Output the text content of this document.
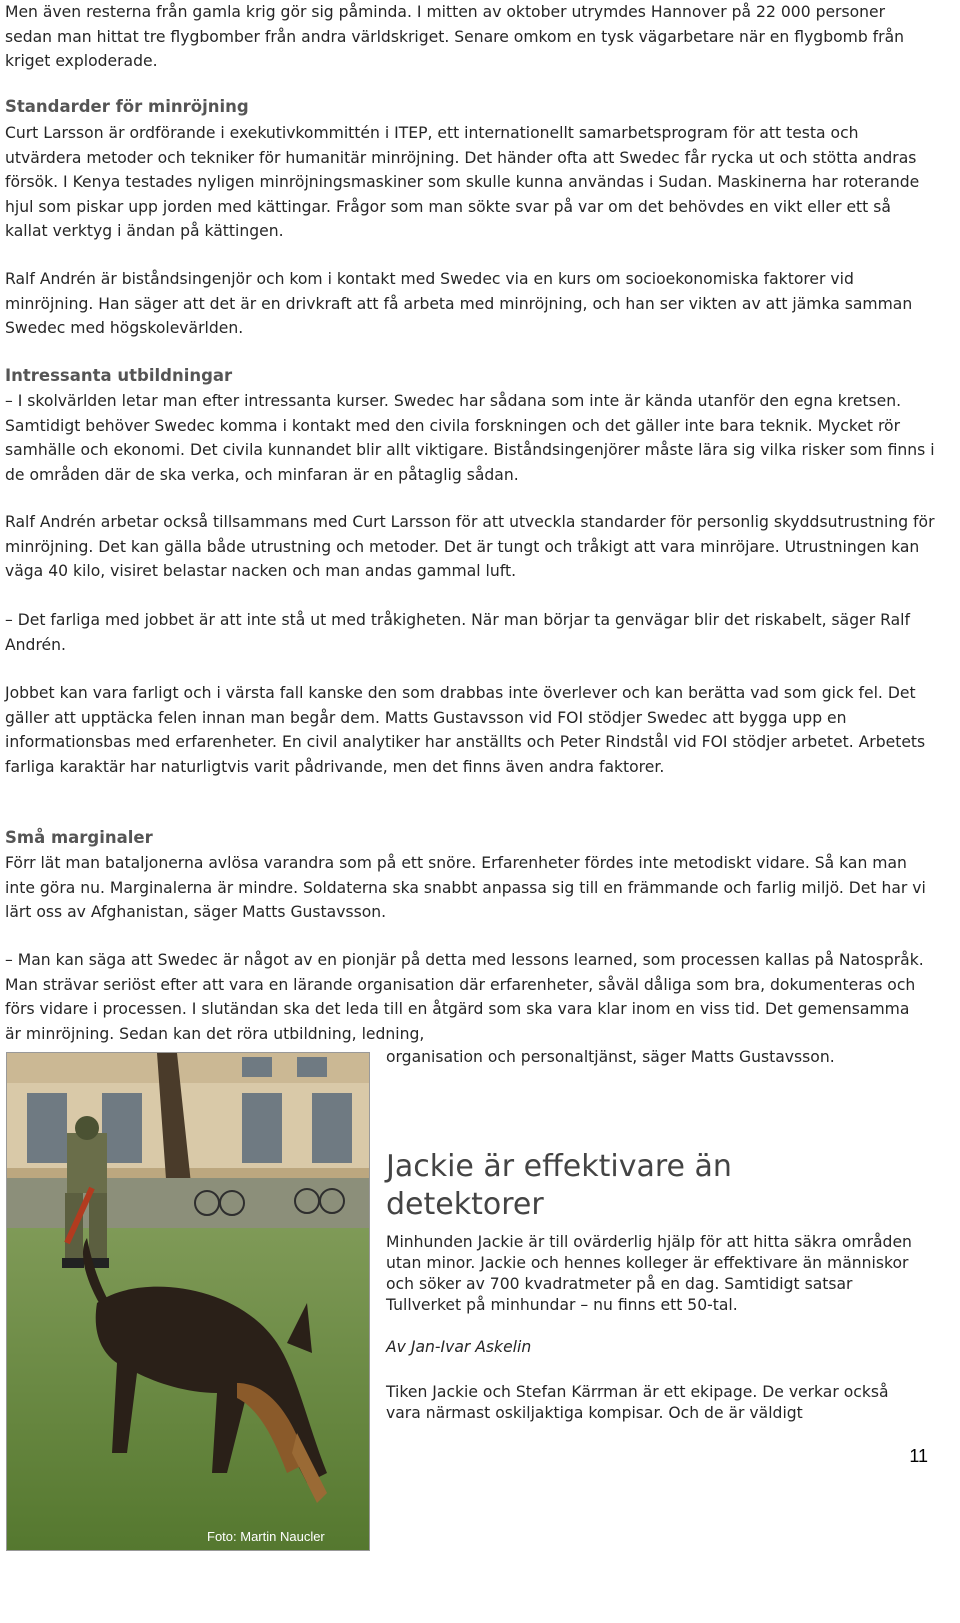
Men även resterna från gamla krig gör sig påminda. I mitten av oktober utrymdes Hannover på 22 000 personer sedan man hittat tre flygbomber från andra världskriget. Senare omkom en tysk vägarbetare när en flygbomb från kriget exploderade.

Standarder för minröjning

Curt Larsson är ordförande i exekutivkommittén i ITEP, ett internationellt samarbetsprogram för att testa och utvärdera metoder och tekniker för humanitär minröjning. Det händer ofta att Swedec får rycka ut och stötta andras försök. I Kenya testades nyligen minröjningsmaskiner som skulle kunna användas i Sudan. Maskinerna har roterande hjul som piskar upp jorden med kättingar. Frågor som man sökte svar på var om det behövdes en vikt eller ett så kallat verktyg i ändan på kättingen.

Ralf Andrén är biståndsingenjör och kom i kontakt med Swedec via en kurs om socioekonomiska faktorer vid minröjning. Han säger att det är en drivkraft att få arbeta med minröjning, och han ser vikten av att jämka samman Swedec med högskolevärlden.

Intressanta utbildningar

– I skolvärlden letar man efter intressanta kurser. Swedec har sådana som inte är kända utanför den egna kretsen. Samtidigt behöver Swedec komma i kontakt med den civila forskningen och det gäller inte bara teknik. Mycket rör samhälle och ekonomi. Det civila kunnandet blir allt viktigare. Biståndsingenjörer måste lära sig vilka risker som finns i de områden där de ska verka, och minfaran är en påtaglig sådan.

Ralf Andrén arbetar också tillsammans med Curt Larsson för att utveckla standarder för personlig skyddsutrustning för minröjning. Det kan gälla både utrustning och metoder. Det är tungt och tråkigt att vara minröjare. Utrustningen kan väga 40 kilo, visiret belastar nacken och man andas gammal luft.

– Det farliga med jobbet är att inte stå ut med tråkigheten. När man börjar ta genvägar blir det riskabelt, säger Ralf Andrén.

Jobbet kan vara farligt och i värsta fall kanske den som drabbas inte överlever och kan berätta vad som gick fel. Det gäller att upptäcka felen innan man begår dem. Matts Gustavsson vid FOI stödjer Swedec att bygga upp en informationsbas med erfarenheter. En civil analytiker har anställts och Peter Rindstål vid FOI stödjer arbetet. Arbetets farliga karaktär har naturligtvis varit pådrivande, men det finns även andra faktorer.

Små marginaler

Förr lät man bataljonerna avlösa varandra som på ett snöre. Erfarenheter fördes inte metodiskt vidare. Så kan man inte göra nu. Marginalerna är mindre. Soldaterna ska snabbt anpassa sig till en främmande och farlig miljö. Det har vi lärt oss av Afghanistan, säger Matts Gustavsson.

– Man kan säga att Swedec är något av en pionjär på detta med lessons learned, som processen kallas på Natospråk. Man strävar seriöst efter att vara en lärande organisation där erfarenheter, såväl dåliga som bra, dokumenteras och förs vidare i processen. I slutändan ska det leda till en åtgärd som ska vara klar inom en viss tid. Det gemensamma är minröjning. Sedan kan det röra utbildning, ledning,

organisation och personaltjänst, säger Matts Gustavsson.

Foto: Martin Naucler
Jackie är effektivare än detektorer

Minhunden Jackie är till ovärderlig hjälp för att hitta säkra områden utan minor. Jackie och hennes kolleger är effektivare än människor och söker av 700 kvadratmeter på en dag. Samtidigt satsar Tullverket på minhundar – nu finns ett 50-tal.

Av Jan-Ivar Askelin

Tiken Jackie och Stefan Kärrman är ett ekipage. De verkar också vara närmast oskiljaktiga kompisar. Och de är väldigt

11
